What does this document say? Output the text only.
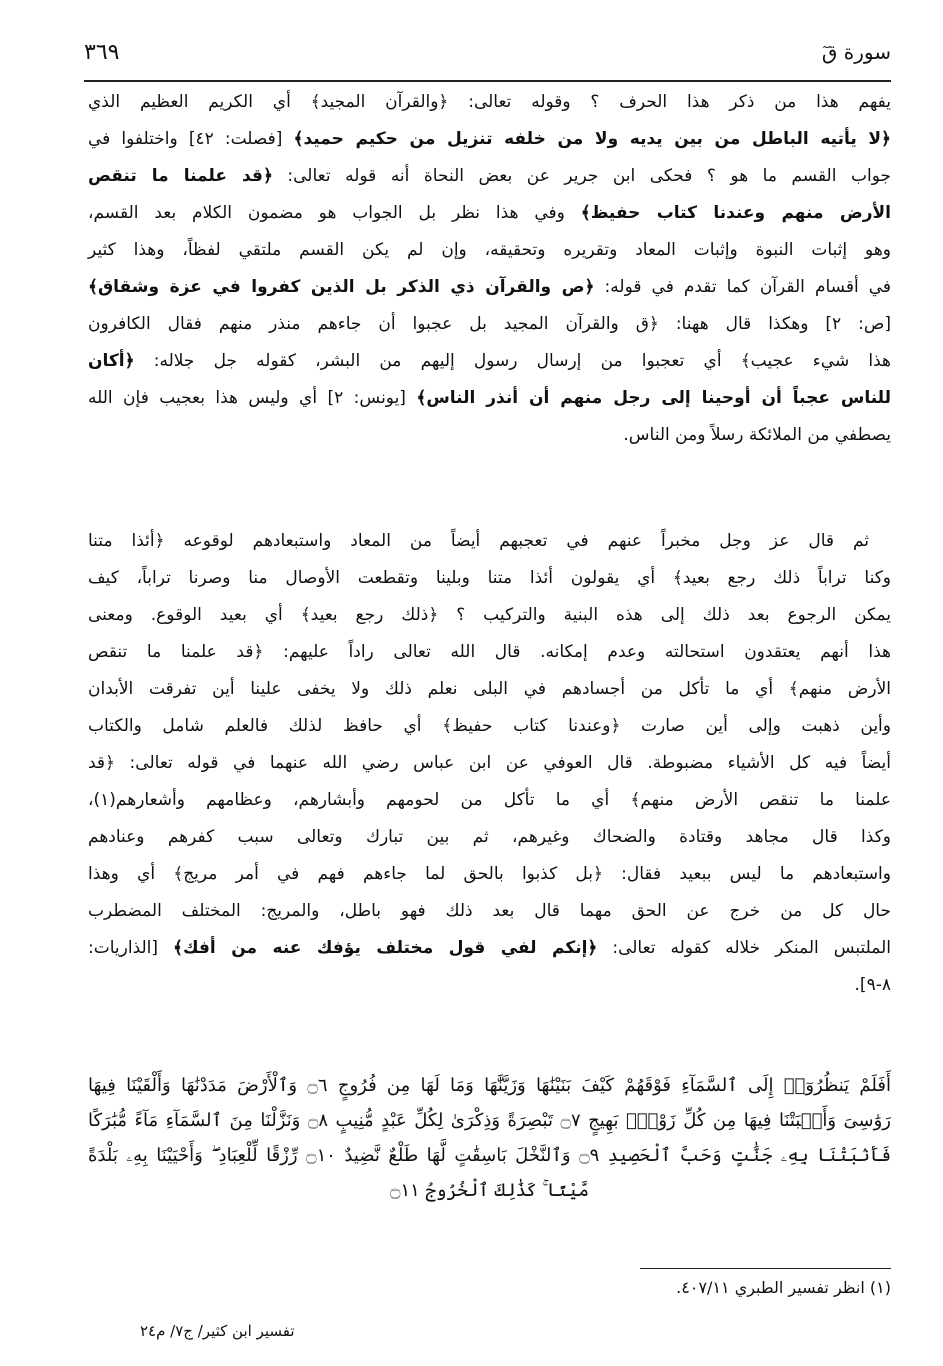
سورة قٓ
٣٦٩
يفهم هذا من ذكر هذا الحرف ؟ وقوله تعالى: ﴿والقرآن المجيد﴾ أي الكريم العظيم الذي
﴿لا يأتيه الباطل من بين يديه ولا من خلفه تنزيل من حكيم حميد﴾ [فصلت: ٤٢] واختلفوا في
جواب القسم ما هو ؟ فحكى ابن جرير عن بعض النحاة أنه قوله تعالى: ﴿قد علمنا ما تنقص
الأرض منهم وعندنا كتاب حفيظ﴾ وفي هذا نظر بل الجواب هو مضمون الكلام بعد القسم،
وهو إثبات النبوة وإثبات المعاد وتقريره وتحقيقه، وإن لم يكن القسم ملتقي لفظاً، وهذا كثير
في أقسام القرآن كما تقدم في قوله: ﴿ص والقرآن ذي الذكر بل الذين كفروا في عزة وشقاق﴾
[ص: ٢] وهكذا قال ههنا: ﴿ق والقرآن المجيد بل عجبوا أن جاءهم منذر منهم فقال الكافرون
هذا شيء عجيب﴾ أي تعجبوا من إرسال رسول إليهم من البشر، كقوله جل جلاله: ﴿أكان
للناس عجباً أن أوحينا إلى رجل منهم أن أنذر الناس﴾ [يونس: ٢] أي وليس هذا بعجيب فإن الله
يصطفي من الملائكة رسلاً ومن الناس.
ثم قال عز وجل مخبراً عنهم في تعجبهم أيضاً من المعاد واستبعادهم لوقوعه ﴿أئذا متنا
وكنا تراباً ذلك رجع بعيد﴾ أي يقولون أئذا متنا وبلينا وتقطعت الأوصال منا وصرنا تراباً، كيف
يمكن الرجوع بعد ذلك إلى هذه البنية والتركيب ؟ ﴿ذلك رجع بعيد﴾ أي بعيد الوقوع. ومعنى
هذا أنهم يعتقدون استحالته وعدم إمكانه. قال الله تعالى راداً عليهم: ﴿قد علمنا ما تنقص
الأرض منهم﴾ أي ما تأكل من أجسادهم في البلى نعلم ذلك ولا يخفى علينا أين تفرقت الأبدان
وأين ذهبت وإلى أين صارت ﴿وعندنا كتاب حفيظ﴾ أي حافظ لذلك فالعلم شامل والكتاب
أيضاً فيه كل الأشياء مضبوطة. قال العوفي عن ابن عباس رضي الله عنهما في قوله تعالى: ﴿قد
علمنا ما تنقص الأرض منهم﴾ أي ما تأكل من لحومهم وأبشارهم، وعظامهم وأشعارهم(١)،
وكذا قال مجاهد وقتادة والضحاك وغيرهم، ثم بين تبارك وتعالى سبب كفرهم وعنادهم
واستبعادهم ما ليس ببعيد فقال: ﴿بل كذبوا بالحق لما جاءهم فهم في أمر مريج﴾ أي وهذا
حال كل من خرج عن الحق مهما قال بعد ذلك فهو باطل، والمريج: المختلف المضطرب
الملتبس المنكر خلاله كقوله تعالى: ﴿إنكم لفي قول مختلف يؤفك عنه من أفك﴾ [الذاريات:
٨-٩].
أَفَلَمْ يَنظُرُوٓا۟ إِلَى ٱلسَّمَآءِ فَوْقَهُمْ كَيْفَ بَنَيْنَٰهَا وَزَيَّنَّٰهَا وَمَا لَهَا مِن فُرُوجٍ ۝٦ وَٱلْأَرْضَ مَدَدْنَٰهَا وَأَلْقَيْنَا فِيهَا
رَوَٰسِىَ وَأَنۢبَتْنَا فِيهَا مِن كُلِّ زَوْجٍۭ بَهِيجٍ ۝٧ تَبْصِرَةً وَذِكْرَىٰ لِكُلِّ عَبْدٍ مُّنِيبٍ ۝٨ وَنَزَّلْنَا مِنَ ٱلسَّمَآءِ مَآءً مُّبَٰرَكًا
فَأَنۢبَتْنَا بِهِۦ جَنَّٰتٍ وَحَبَّ ٱلْحَصِيدِ ۝٩ وَٱلنَّخْلَ بَاسِقَٰتٍ لَّهَا طَلْعٌ نَّضِيدٌ ۝١٠ رِّزْقًا لِّلْعِبَادِ ۖ وَأَحْيَيْنَا بِهِۦ بَلْدَةً
مَّيْتًا ۚ كَذَٰلِكَ ٱلْخُرُوجُ ۝١١
(١) انظر تفسير الطبري ٤٠٧/١١.
تفسير ابن كثير/ ج٧/ م٢٤
